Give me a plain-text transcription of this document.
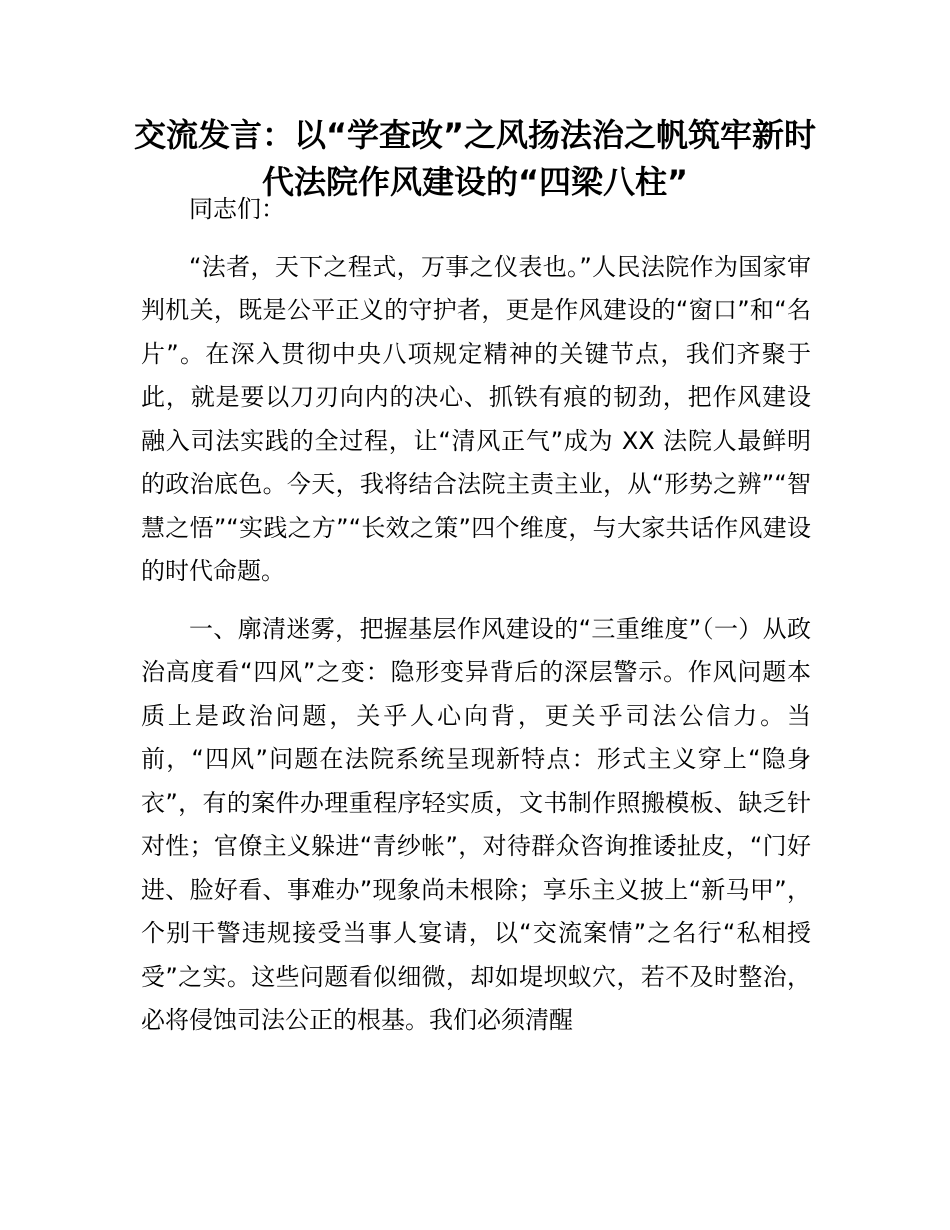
交流发言：以“学查改”之风扬法治之帆筑牢新时代法院作风建设的“四梁八柱”

同志们：

“法者，天下之程式，万事之仪表也。”人民法院作为国家审判机关，既是公平正义的守护者，更是作风建设的“窗口”和“名片”。在深入贯彻中央八项规定精神的关键节点，我们齐聚于此，就是要以刀刃向内的决心、抓铁有痕的韧劲，把作风建设融入司法实践的全过程，让“清风正气”成为 XX 法院人最鲜明的政治底色。今天，我将结合法院主责主业，从“形势之辨”“智慧之悟”“实践之方”“长效之策”四个维度，与大家共话作风建设的时代命题。

一、廓清迷雾，把握基层作风建设的“三重维度”（一）从政治高度看“四风”之变：隐形变异背后的深层警示。作风问题本质上是政治问题，关乎人心向背，更关乎司法公信力。当前，“四风”问题在法院系统呈现新特点：形式主义穿上“隐身衣”，有的案件办理重程序轻实质，文书制作照搬模板、缺乏针对性；官僚主义躲进“青纱帐”，对待群众咨询推诿扯皮，“门好进、脸好看、事难办”现象尚未根除；享乐主义披上“新马甲”，个别干警违规接受当事人宴请，以“交流案情”之名行“私相授受”之实。这些问题看似细微，却如堤坝蚁穴，若不及时整治，必将侵蚀司法公正的根基。我们必须清醒
